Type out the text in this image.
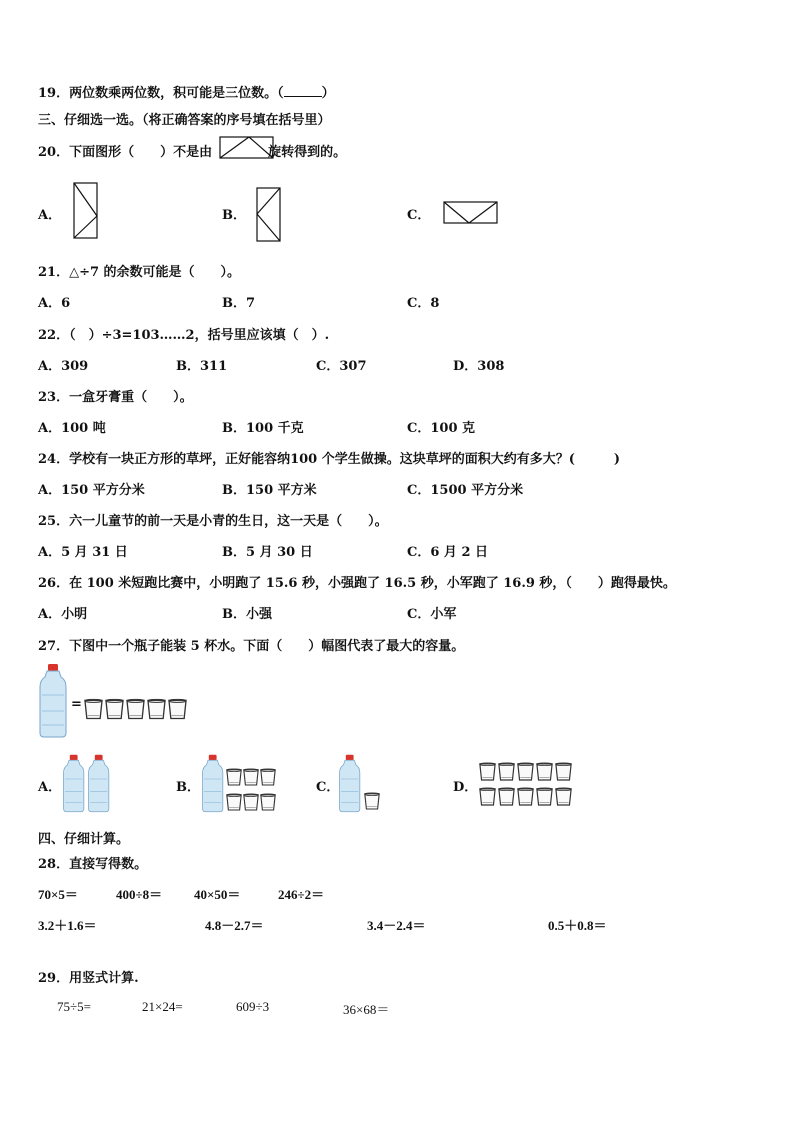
19．两位数乘两位数，积可能是三位数。（	）
三、仔细选一选。（将正确答案的序号填在括号里）
20．下面图形（　　）不是由	旋转得到的。
A．	B．	C．
21．△÷7 的余数可能是（　　）。
A．6	B．7	C．8
22．（　）÷3=103……2，括号里应该填（　）.
A．309	B．311	C．307	D．308
23．一盒牙膏重（　　）。
A．100 吨	B．100 千克	C．100 克
24．学校有一块正方形的草坪，正好能容纳100 个学生做操。这块草坪的面积大约有多大？(　　　)
A．150 平方分米	B．150 平方米	C．1500 平方分米
25．六一儿童节的前一天是小青的生日，这一天是（　　）。
A．5 月 31 日	B．5 月 30 日	C．6 月 2 日
26．在 100 米短跑比赛中，小明跑了 15.6 秒，小强跑了 16.5 秒，小军跑了 16.9 秒，（　　）跑得最快。
A．小明	B．小强	C．小军
27．下图中一个瓶子能装 5 杯水。下面（　　）幅图代表了最大的容量。
=
A．	B．	C．	D．
四、仔细计算。
28．直接写得数。
70×5＝	400÷8＝ 40×50＝	246÷2＝
3.2＋1.6＝	4.8－2.7＝	3.4－2.4＝	0.5＋0.8＝
29．用竖式计算.
75÷5=	21×24=	609÷3	36×68＝
